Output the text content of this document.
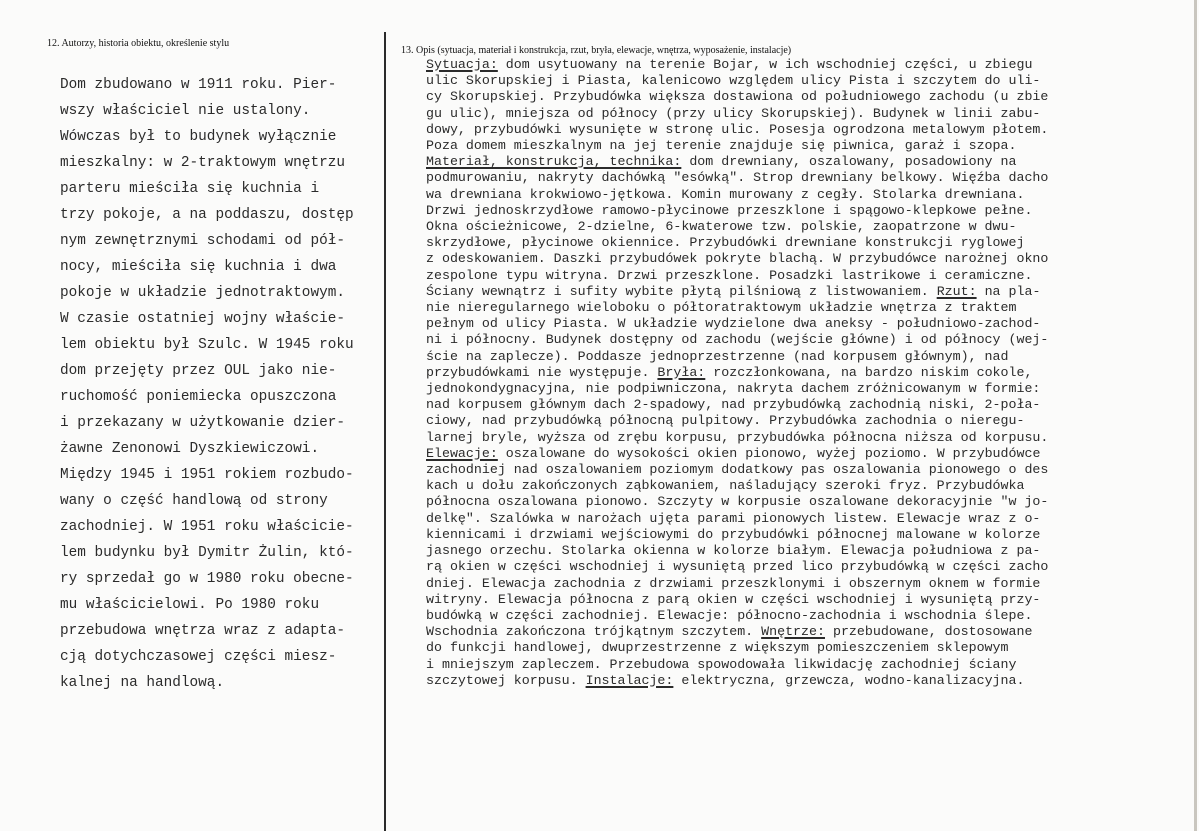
12. Autorzy, historia obiektu, określenie stylu
13. Opis (sytuacja, materiał i konstrukcja, rzut, bryła, elewacje, wnętrza, wyposażenie, instalacje)
Dom zbudowano w 1911 roku. Pier-
wszy właściciel nie ustalony.
Wówczas był to budynek wyłącznie
mieszkalny: w 2-traktowym wnętrzu
parteru mieściła się kuchnia i
trzy pokoje, a na poddaszu, dostęp
nym zewnętrznymi schodami od pół-
nocy, mieściła się kuchnia i dwa
pokoje w układzie jednotraktowym.
W czasie ostatniej wojny właście-
lem obiektu był Szulc. W 1945 roku
dom przejęty przez OUL jako nie-
ruchomość poniemiecka opuszczona
i przekazany w użytkowanie dzier-
żawne Zenonowi Dyszkiewiczowi.
Między 1945 i 1951 rokiem rozbudo-
wany o część handlową od strony
zachodniej. W 1951 roku właściciе-
lem budynku był Dymitr Żulin, któ-
ry sprzedał go w 1980 roku obecne-
mu właścicielowi. Po 1980 roku
przebudowa wnętrza wraz z adapta-
cją dotychczasowej części miesz-
kalnej na handlową.
Sytuacja: dom usytuowany na terenie Bojar, w ich wschodniej części, u zbiegu
ulic Skorupskiej i Piasta, kalenicowo względem ulicy Pista i szczytem do uli-
cy Skorupskiej. Przybudówka większa dostawiona od południowego zachodu (u zbie
gu ulic), mniejsza od północy (przy ulicy Skorupskiej). Budynek w linii zabu-
dowy, przybudówki wysunięte w stronę ulic. Posesja ogrodzona metalowym płotem.
Poza domem mieszkalnym na jej terenie znajduje się piwnica, garaż i szopa.
Materiał, konstrukcja, technika: dom drewniany, oszalowany, posadowiony na
podmurowaniu, nakryty dachówką "esówką". Strop drewniany belkowy. Więźba dacho
wa drewniana krokwiowo-jętkowa. Komin murowany z cegły. Stolarka drewniana.
Drzwi jednoskrzydłowe ramowo-płycinowe przeszklone i spągowo-klepkowe pełne.
Okna ościeżnicowe, 2-dzielne, 6-kwaterowe tzw. polskie, zaopatrzone w dwu-
skrzydłowe, płycinowe okiennice. Przybudówki drewniane konstrukcji ryglowej
z odeskowaniem. Daszki przybudówek pokryte blachą. W przybudówce narożnej okno
zespolone typu witryna. Drzwi przeszklone. Posadzki lastrikowe i ceramiczne.
Ściany wewnątrz i sufity wybite płytą pilśniową z listwowaniem. Rzut: na pla-
nie nieregularnego wieloboku o półtoratraktowym układzie wnętrza z traktem
pełnym od ulicy Piasta. W układzie wydzielone dwa aneksy - południowo-zachod-
ni i północny. Budynek dostępny od zachodu (wejście główne) i od północy (wej-
ście na zaplecze). Poddasze jednoprzestrzenne (nad korpusem głównym), nad
przybudówkami nie występuje. Bryła: rozczłonkowana, na bardzo niskim cokole,
jednokondygnacyjna, nie podpiwniczona, nakryta dachem zróżnicowanym w formie:
nad korpusem głównym dach 2-spadowy, nad przybudówką zachodnią niski, 2-poła-
ciowy, nad przybudówką północną pulpitowy. Przybudówka zachodnia o nieregu-
larnej bryle, wyższa od zrębu korpusu, przybudówka północna niższa od korpusu.
Elewacje: oszalowane do wysokości okien pionowo, wyżej poziomo. W przybudówce
zachodniej nad oszalowaniem poziomym dodatkowy pas oszalowania pionowego o des
kach u dołu zakończonych ząbkowaniem, naśladujący szeroki fryz. Przybudówka
północna oszalowana pionowo. Szczyty w korpusie oszalowane dekoracyjnie "w jo-
delkę". Szalówka w narożach ujęta parami pionowych listew. Elewacje wraz z o-
kiennicami i drzwiami wejściowymi do przybudówki północnej malowane w kolorze
jasnego orzechu. Stolarka okienna w kolorze białym. Elewacja południowa z pa-
rą okien w części wschodniej i wysuniętą przed lico przybudówką w części zacho
dniej. Elewacja zachodnia z drzwiami przeszklonymi i obszernym oknem w formie
witryny. Elewacja północna z parą okien w części wschodniej i wysuniętą przy-
budówką w części zachodniej. Elewacje: północno-zachodnia i wschodnia ślepe.
Wschodnia zakończona trójkątnym szczytem. Wnętrze: przebudowane, dostosowane
do funkcji handlowej, dwuprzestrzenne z większym pomieszczeniem sklepowym
i mniejszym zapleczem. Przebudowa spowodowała likwidację zachodniej ściany
szczytowej korpusu. Instalacje: elektryczna, grzewcza, wodno-kanalizacyjna.
